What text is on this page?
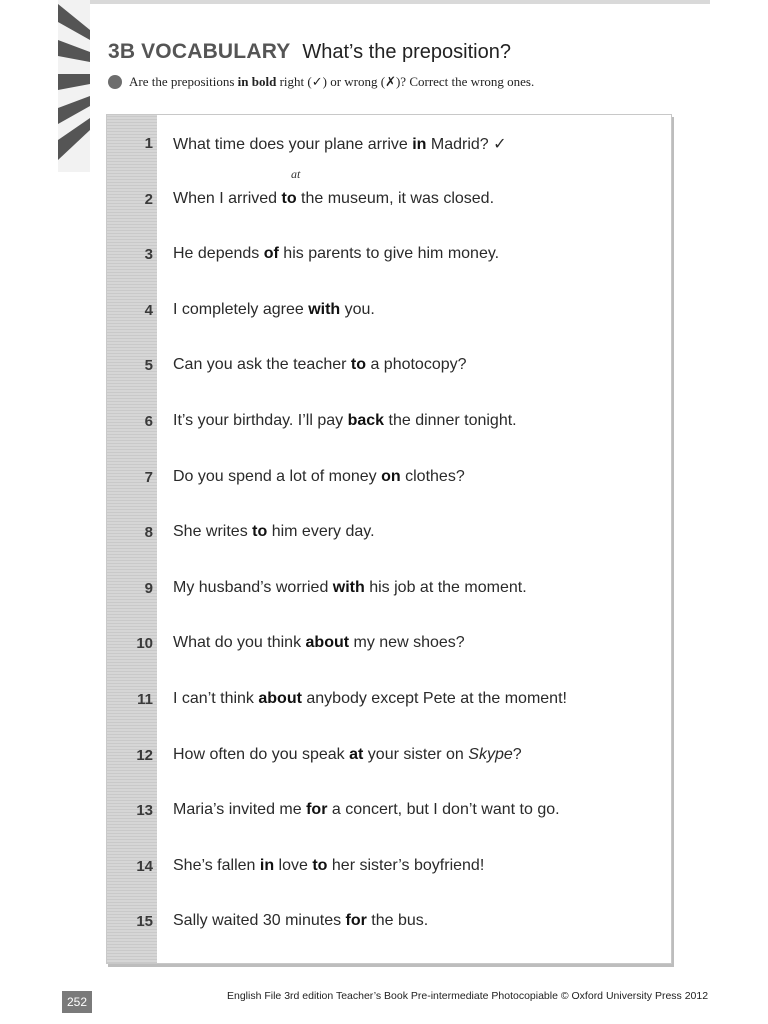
3B VOCABULARY What’s the preposition?
Are the prepositions in bold right (✓) or wrong (✗)? Correct the wrong ones.
1 What time does your plane arrive in Madrid? ✓
2 When I arrived to the museum, it was closed.
at
3 He depends of his parents to give him money.
4 I completely agree with you.
5 Can you ask the teacher to a photocopy?
6 It’s your birthday. I’ll pay back the dinner tonight.
7 Do you spend a lot of money on clothes?
8 She writes to him every day.
9 My husband’s worried with his job at the moment.
10 What do you think about my new shoes?
11 I can’t think about anybody except Pete at the moment!
12 How often do you speak at your sister on Skype?
13 Maria’s invited me for a concert, but I don’t want to go.
14 She’s fallen in love to her sister’s boyfriend!
15 Sally waited 30 minutes for the bus.
252	English File 3rd edition Teacher’s Book Pre-intermediate Photocopiable © Oxford University Press 2012
